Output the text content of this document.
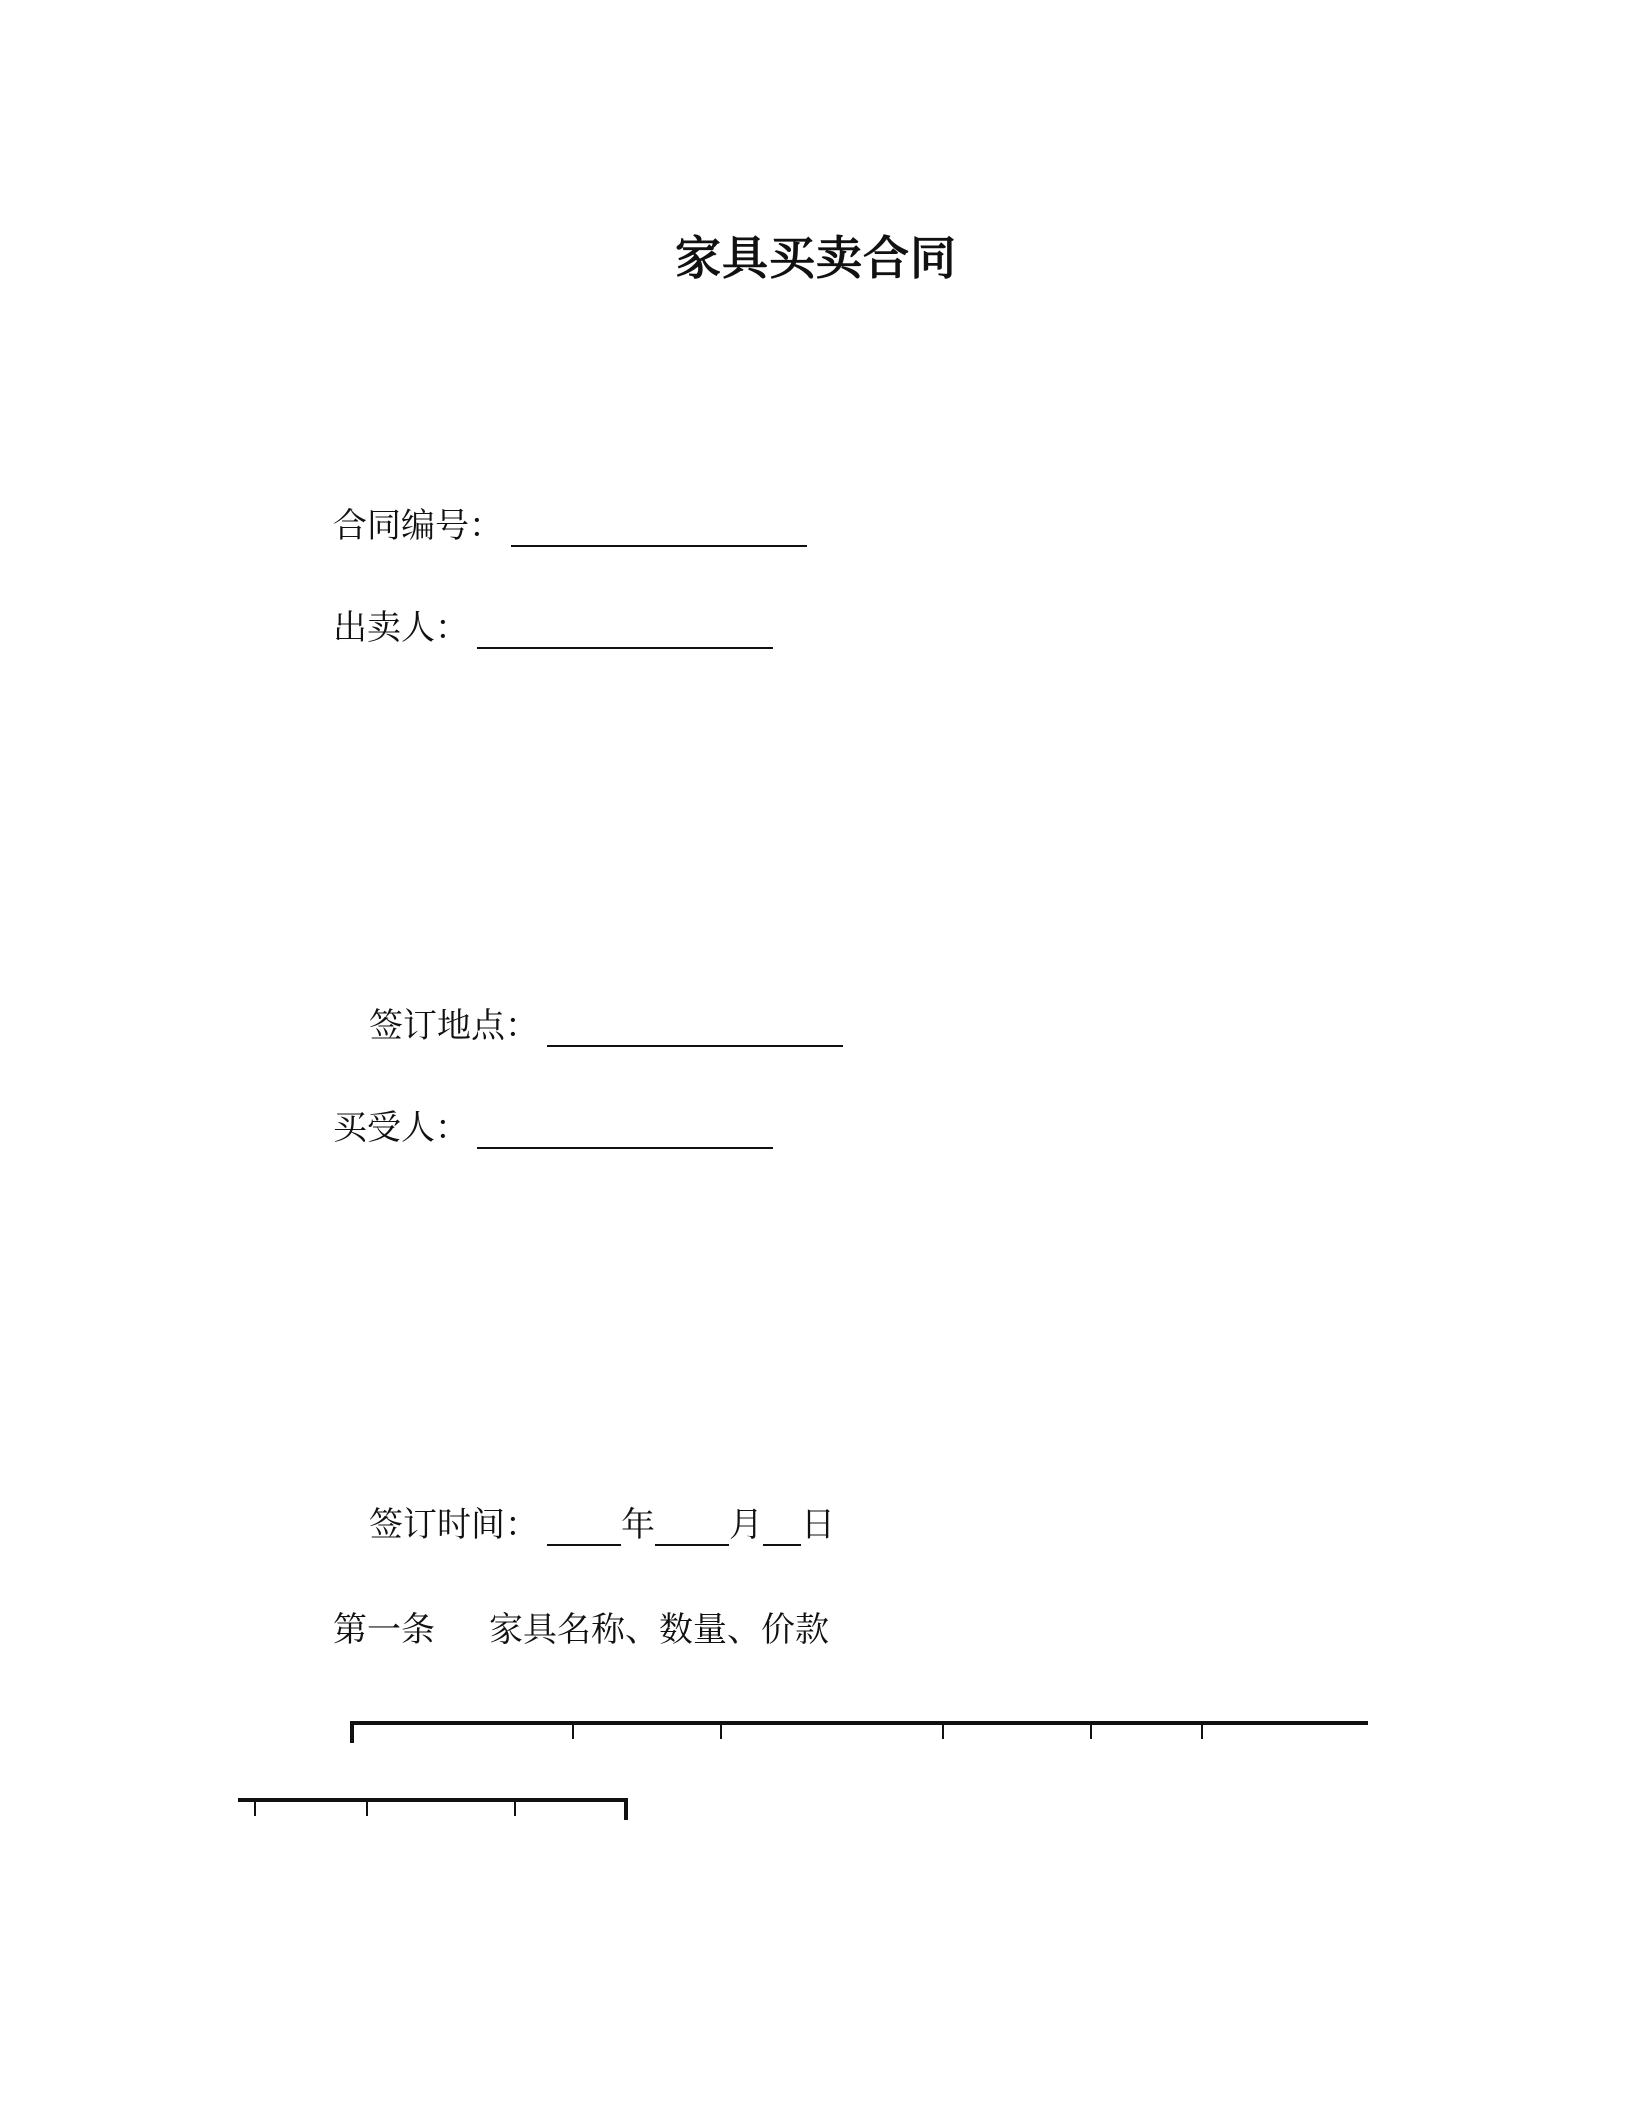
家具买卖合同
合同编号：
出卖人：
签订地点：
买受人：
签订时间： 年 月 日
第一条 家具名称、数量、价款
